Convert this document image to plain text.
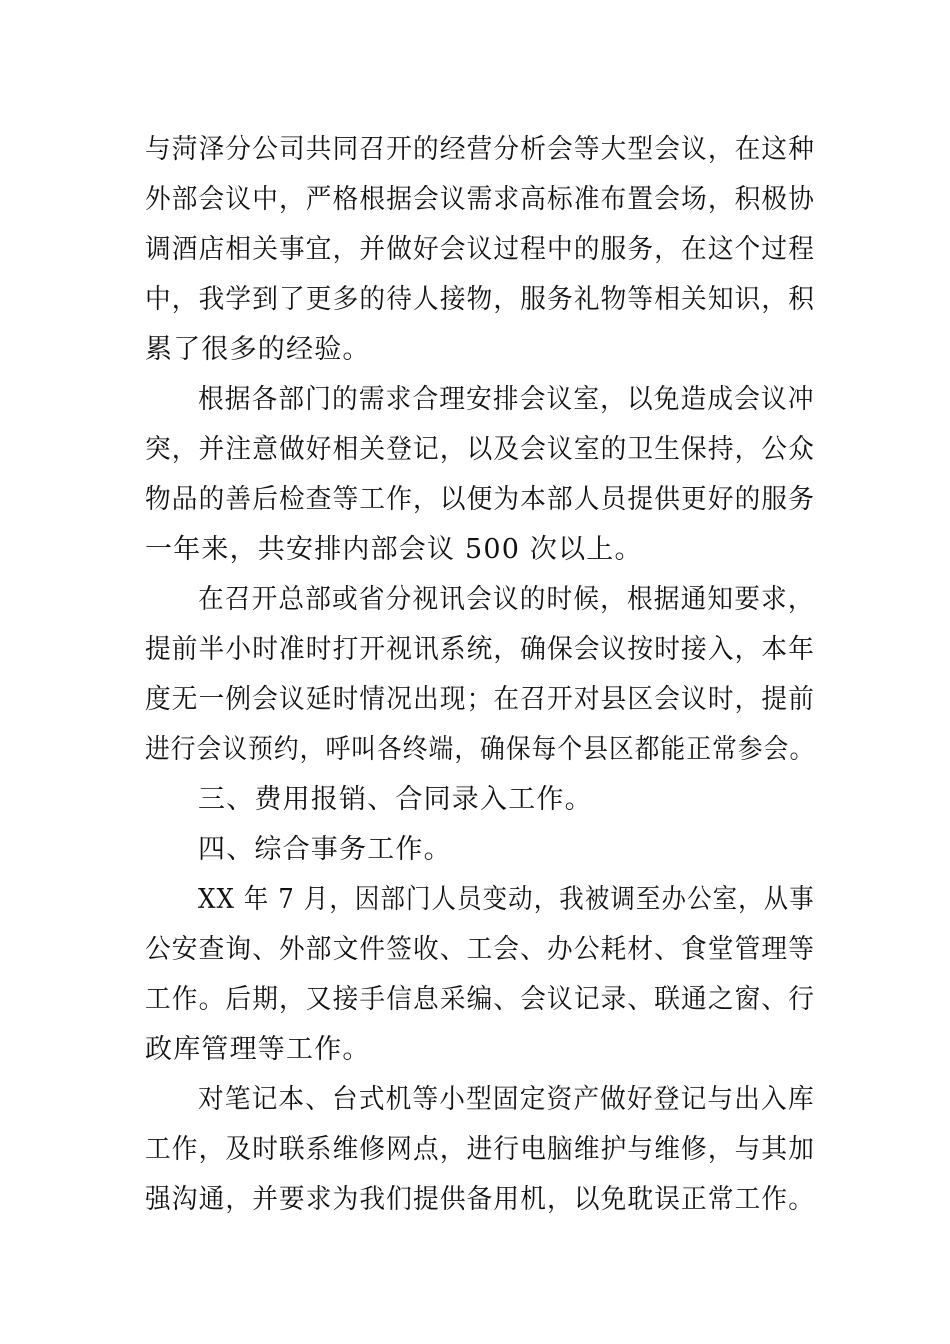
与菏泽分公司共同召开的经营分析会等大型会议，在这种
外部会议中，严格根据会议需求高标准布置会场，积极协
调酒店相关事宜，并做好会议过程中的服务，在这个过程
中，我学到了更多的待人接物，服务礼物等相关知识，积
累了很多的经验。
根据各部门的需求合理安排会议室，以免造成会议冲
突，并注意做好相关登记，以及会议室的卫生保持，公众
物品的善后检查等工作，以便为本部人员提供更好的服务
一年来，共安排内部会议 500 次以上。
在召开总部或省分视讯会议的时候，根据通知要求，
提前半小时准时打开视讯系统，确保会议按时接入，本年
度无一例会议延时情况出现；在召开对县区会议时，提前
进行会议预约，呼叫各终端，确保每个县区都能正常参会。
三、费用报销、合同录入工作。
四、综合事务工作。
XX 年 7 月，因部门人员变动，我被调至办公室，从事
公安查询、外部文件签收、工会、办公耗材、食堂管理等
工作。后期，又接手信息采编、会议记录、联通之窗、行
政库管理等工作。
对笔记本、台式机等小型固定资产做好登记与出入库
工作，及时联系维修网点，进行电脑维护与维修，与其加
强沟通，并要求为我们提供备用机，以免耽误正常工作。
